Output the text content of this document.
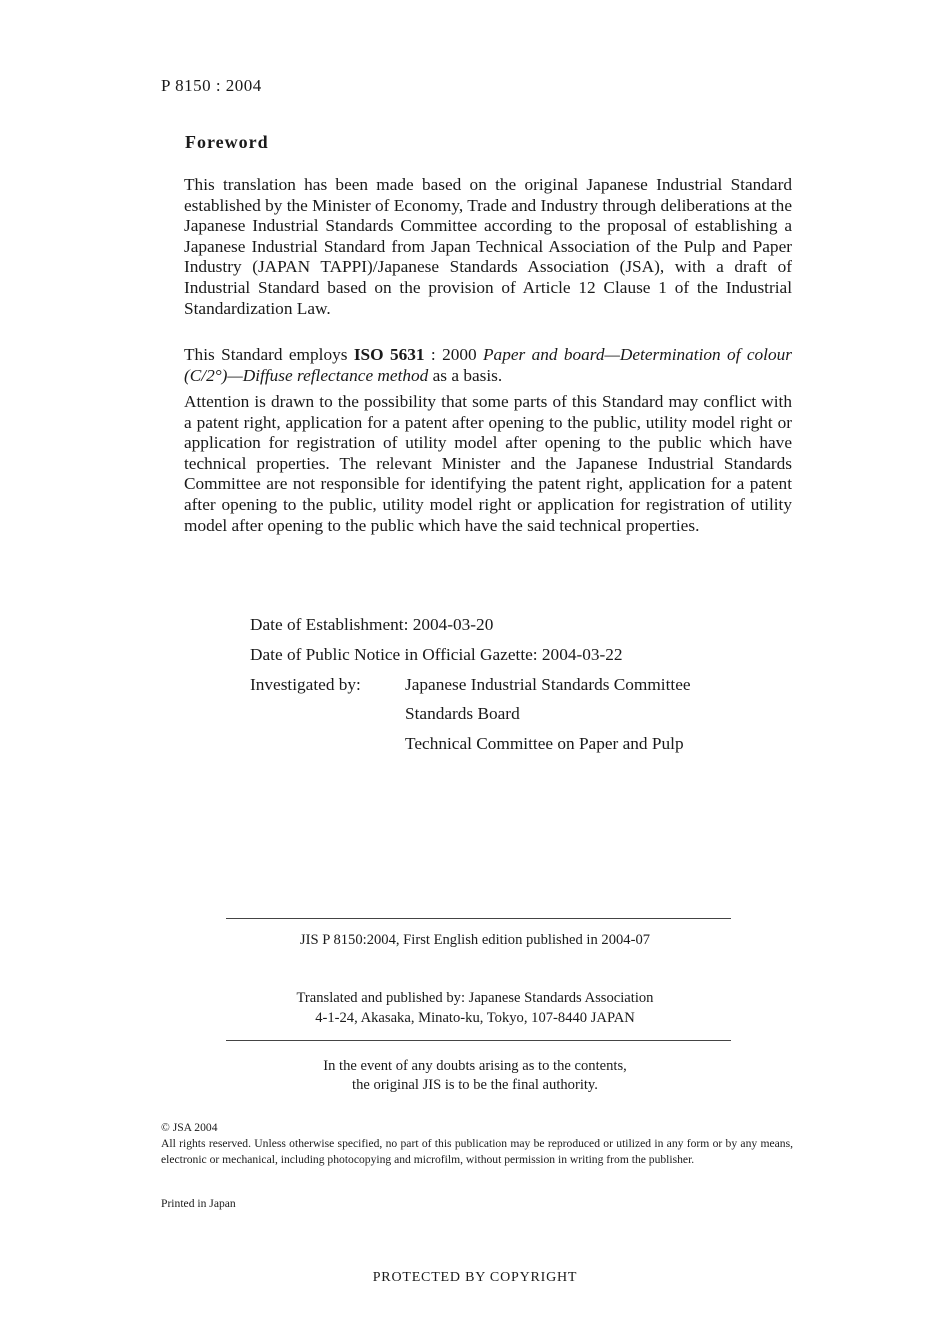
P 8150 : 2004
Foreword

This translation has been made based on the original Japanese Industrial Standard established by the Minister of Economy, Trade and Industry through deliberations at the Japanese Industrial Standards Committee according to the proposal of establishing a Japanese Industrial Standard from Japan Technical Association of the Pulp and Paper Industry (JAPAN TAPPI)/Japanese Standards Association (JSA), with a draft of Industrial Standard based on the provision of Article 12 Clause 1 of the Industrial Standardization Law.

This Standard employs ISO 5631 : 2000 Paper and board—Determination of colour (C/2°)—Diffuse reflectance method as a basis.

Attention is drawn to the possibility that some parts of this Standard may conflict with a patent right, application for a patent after opening to the public, utility model right or application for registration of utility model after opening to the public which have technical properties. The relevant Minister and the Japanese Industrial Standards Committee are not responsible for identifying the patent right, application for a patent after opening to the public, utility model right or application for registration of utility model after opening to the public which have the said technical properties.

Date of Establishment: 2004-03-20
Date of Public Notice in Official Gazette: 2004-03-22
Investigated by:	Japanese Industrial Standards Committee
Standards Board
Technical Committee on Paper and Pulp
JIS P 8150:2004, First English edition published in 2004-07
Translated and published by: Japanese Standards Association
4-1-24, Akasaka, Minato-ku, Tokyo, 107-8440 JAPAN
In the event of any doubts arising as to the contents,
the original JIS is to be the final authority.
© JSA 2004
All rights reserved. Unless otherwise specified, no part of this publication may be reproduced or utilized in any form or by any means, electronic or mechanical, including photocopying and microfilm, without permission in writing from the publisher.
Printed in Japan
PROTECTED BY COPYRIGHT
